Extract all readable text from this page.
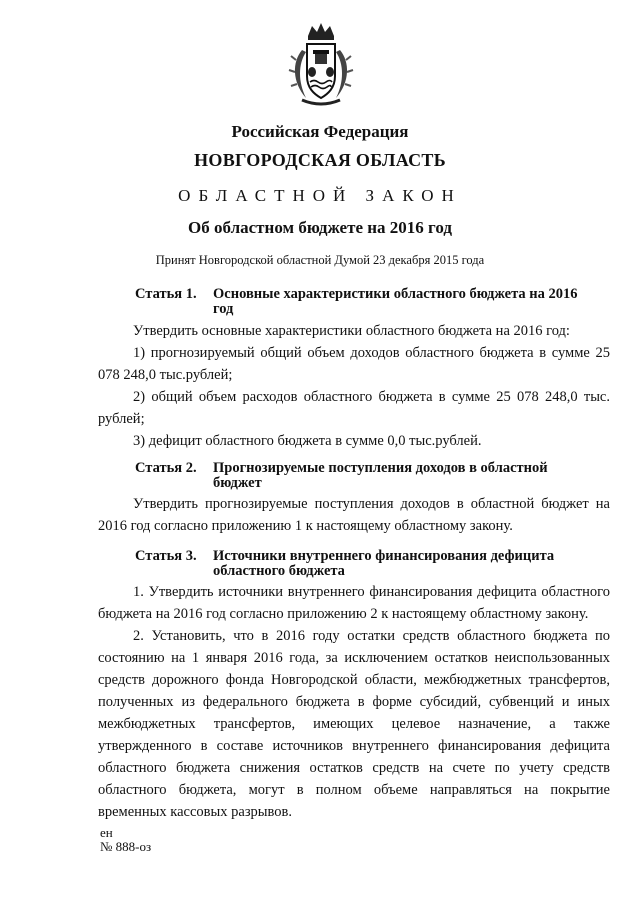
Российская Федерация
НОВГОРОДСКАЯ ОБЛАСТЬ
ОБЛАСТНОЙ ЗАКОН
Об областном бюджете на 2016 год
Принят Новгородской областной Думой 23 декабря 2015 года
Статья 1.	Основные характеристики областного бюджета на 2016 год
Утвердить основные характеристики областного бюджета на 2016 год:
1) прогнозируемый общий объем доходов областного бюджета в сумме 25 078 248,0 тыс.рублей;
2) общий объем расходов областного бюджета в сумме 25 078 248,0 тыс. рублей;
3) дефицит областного бюджета в сумме 0,0 тыс.рублей.
Статья 2.	Прогнозируемые поступления доходов в областной бюджет
Утвердить прогнозируемые поступления доходов в областной бюджет на 2016 год согласно приложению 1 к настоящему областному закону.
Статья 3.	Источники внутреннего финансирования дефицита областного бюджета
1. Утвердить источники внутреннего финансирования дефицита областного бюджета на 2016 год согласно приложению 2 к настоящему областному закону.
2. Установить, что в 2016 году остатки средств областного бюджета по состоянию на 1 января 2016 года, за исключением остатков неиспользованных средств дорожного фонда Новгородской области, межбюджетных трансфертов, полученных из федерального бюджета в форме субсидий, субвенций и иных межбюджетных трансфертов, имеющих целевое назначение, а также утвержденного в составе источников внутреннего финансирования дефицита областного бюджета снижения остатков средств на счете по учету средств областного бюджета, могут в полном объеме направляться на покрытие временных кассовых разрывов.
ен
№ 888-оз
